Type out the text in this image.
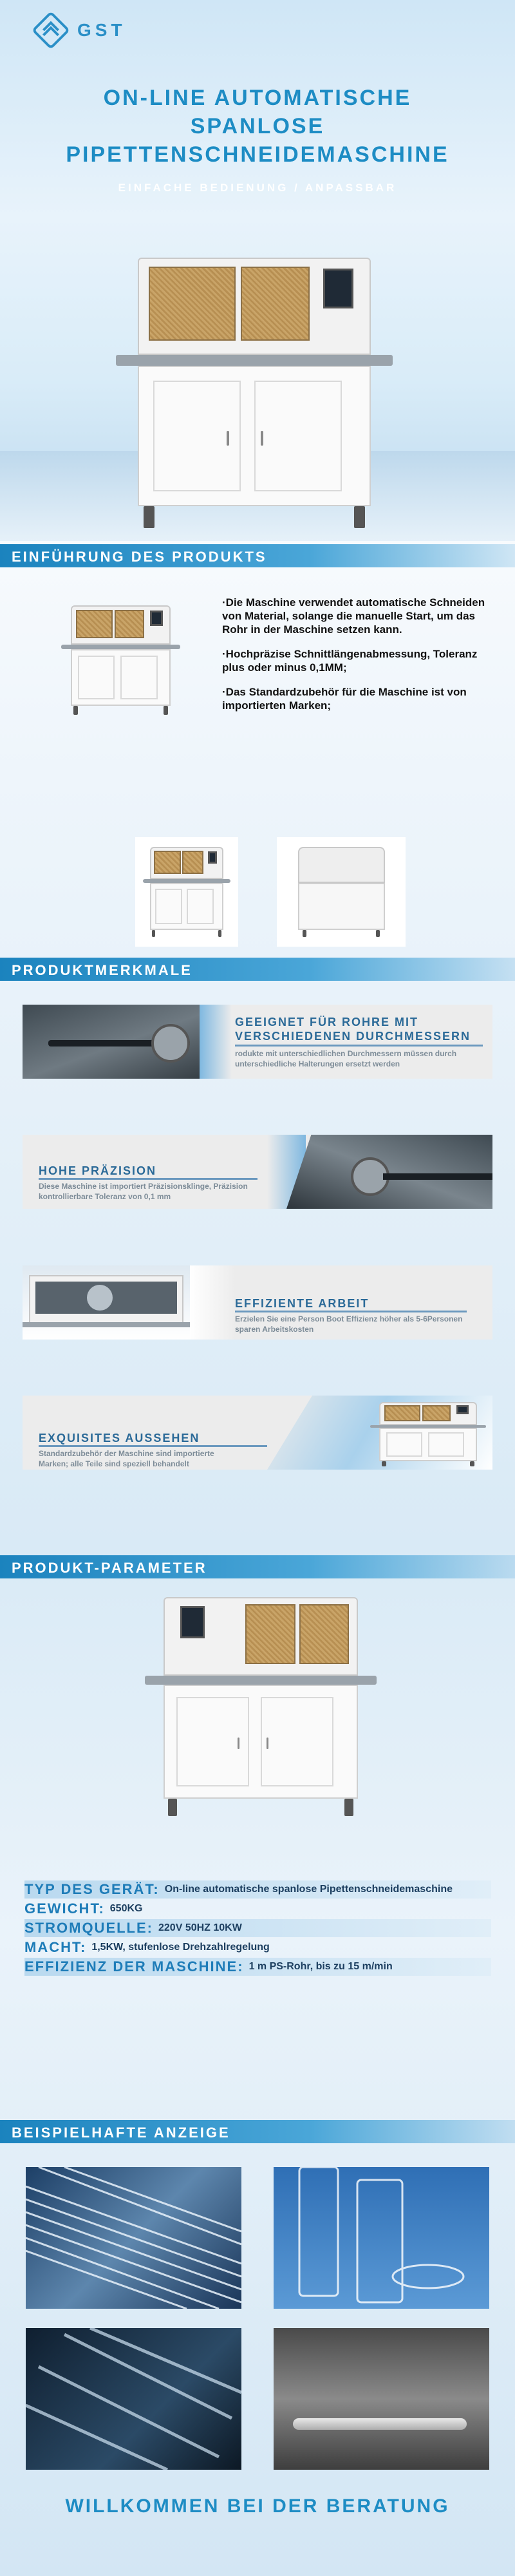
GST
ON-LINE AUTOMATISCHE
SPANLOSE
PIPETTENSCHNEIDEMASCHINE
EINFACHE BEDIENUNG / ANPASSBAR
EINFÜHRUNG DES PRODUKTS

·Die Maschine verwendet automatische Schneiden von Material, solange die manuelle Start, um das Rohr in der Maschine setzen kann.

·Hochpräzise Schnittlängenabmessung, Toleranz plus oder minus 0,1MM;

·Das Standardzubehör für die Maschine ist von importierten Marken;

PRODUKTMERKMALE
GEEIGNET FÜR ROHRE MIT VERSCHIEDENEN DURCHMESSERN
rodukte mit unterschiedlichen Durchmessern müssen durch unterschiedliche Halterungen ersetzt werden
HOHE PRÄZISION
Diese Maschine ist importiert Präzisionsklinge, Präzision kontrollierbare Toleranz von 0,1 mm
EFFIZIENTE ARBEIT
Erzielen Sie eine Person Boot Effizienz höher als 5-6Personen sparen Arbeitskosten
EXQUISITES AUSSEHEN
Standardzubehör der Maschine sind importierte Marken; alle Teile sind speziell behandelt
PRODUKT-PARAMETER
TYP DES GERÄT: On-line automatische spanlose Pipettenschneidemaschine
GEWICHT: 650KG
STROMQUELLE: 220V 50HZ 10KW
MACHT: 1,5KW, stufenlose Drehzahlregelung
EFFIZIENZ DER MASCHINE: 1 m PS-Rohr, bis zu 15 m/min
BEISPIELHAFTE ANZEIGE
WILLKOMMEN BEI DER BERATUNG
